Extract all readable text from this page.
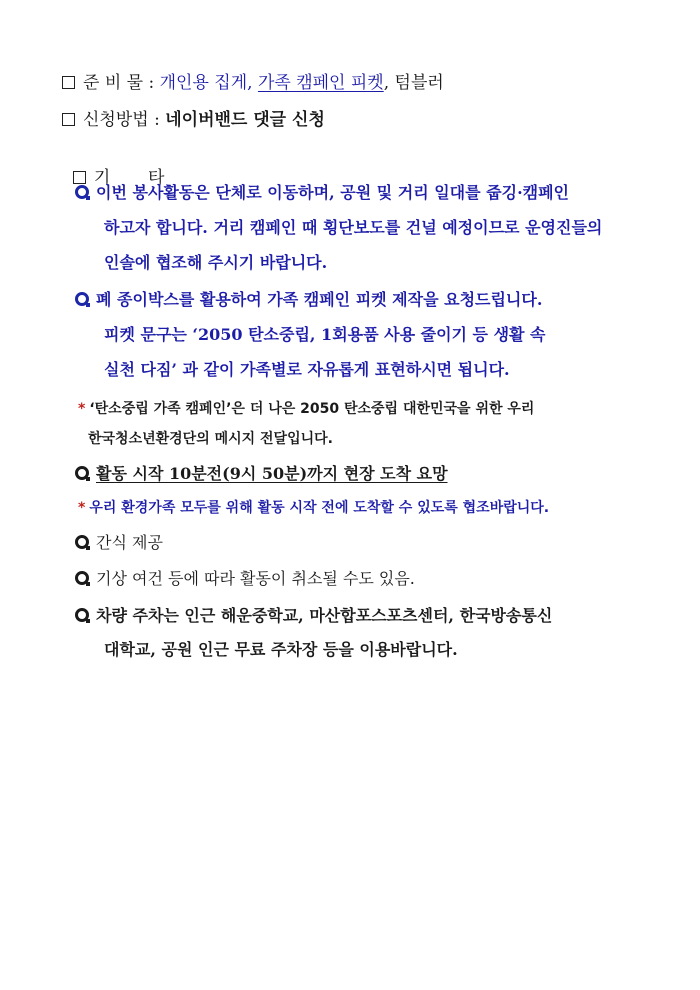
준 비 물 : 개인용 집게, 가족 캠페인 피켓, 텀블러
신청방법 : 네이버밴드 댓글 신청

기       타

이번 봉사활동은 단체로 이동하며, 공원 및 거리 일대를 줍깅·캠페인
하고자 합니다. 거리 캠페인 때 횡단보도를 건널 예정이므로 운영진들의
인솔에 협조해 주시기 바랍니다.
폐 종이박스를 활용하여 가족 캠페인 피켓 제작을 요청드립니다.
피켓 문구는 ‘2050 탄소중립, 1회용품 사용 줄이기 등 생활 속
실천 다짐’ 과 같이 가족별로 자유롭게 표현하시면 됩니다.
* ‘탄소중립 가족 캠페인’은 더 나은 2050 탄소중립 대한민국을 위한 우리
한국청소년환경단의 메시지 전달입니다.
활동 시작 10분전(9시 50분)까지 현장 도착 요망
* 우리 환경가족 모두를 위해 활동 시작 전에 도착할 수 있도록 협조바랍니다.
간식 제공
기상 여건 등에 따라 활동이 취소될 수도 있음.
차량 주차는 인근 해운중학교, 마산합포스포츠센터, 한국방송통신
대학교, 공원 인근 무료 주차장 등을 이용바랍니다.
